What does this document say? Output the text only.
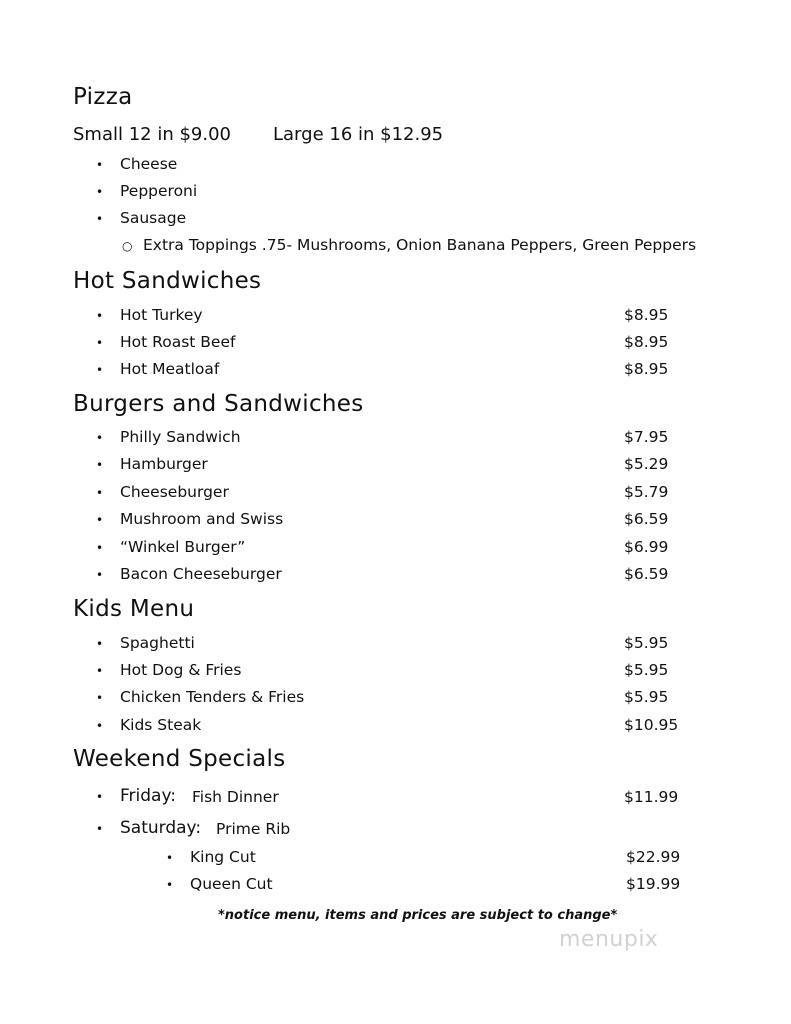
Pizza
Small 12 in $9.00 Large 16 in $12.95
• Cheese
• Pepperoni
• Sausage
○ Extra Toppings .75- Mushrooms, Onion Banana Peppers, Green Peppers
Hot Sandwiches
• Hot Turkey	$8.95
• Hot Roast Beef	$8.95
• Hot Meatloaf	$8.95
Burgers and Sandwiches
• Philly Sandwich	$7.95
• Hamburger	$5.29
• Cheeseburger	$5.79
• Mushroom and Swiss	$6.59
• “Winkel Burger”	$6.99
• Bacon Cheeseburger	$6.59
Kids Menu
• Spaghetti	$5.95
• Hot Dog & Fries	$5.95
• Chicken Tenders & Fries	$5.95
• Kids Steak	$10.95
Weekend Specials
• Friday: Fish Dinner	$11.99
• Saturday: Prime Rib
• King Cut	$22.99
• Queen Cut	$19.99
*notice menu, items and prices are subject to change*
menupix
